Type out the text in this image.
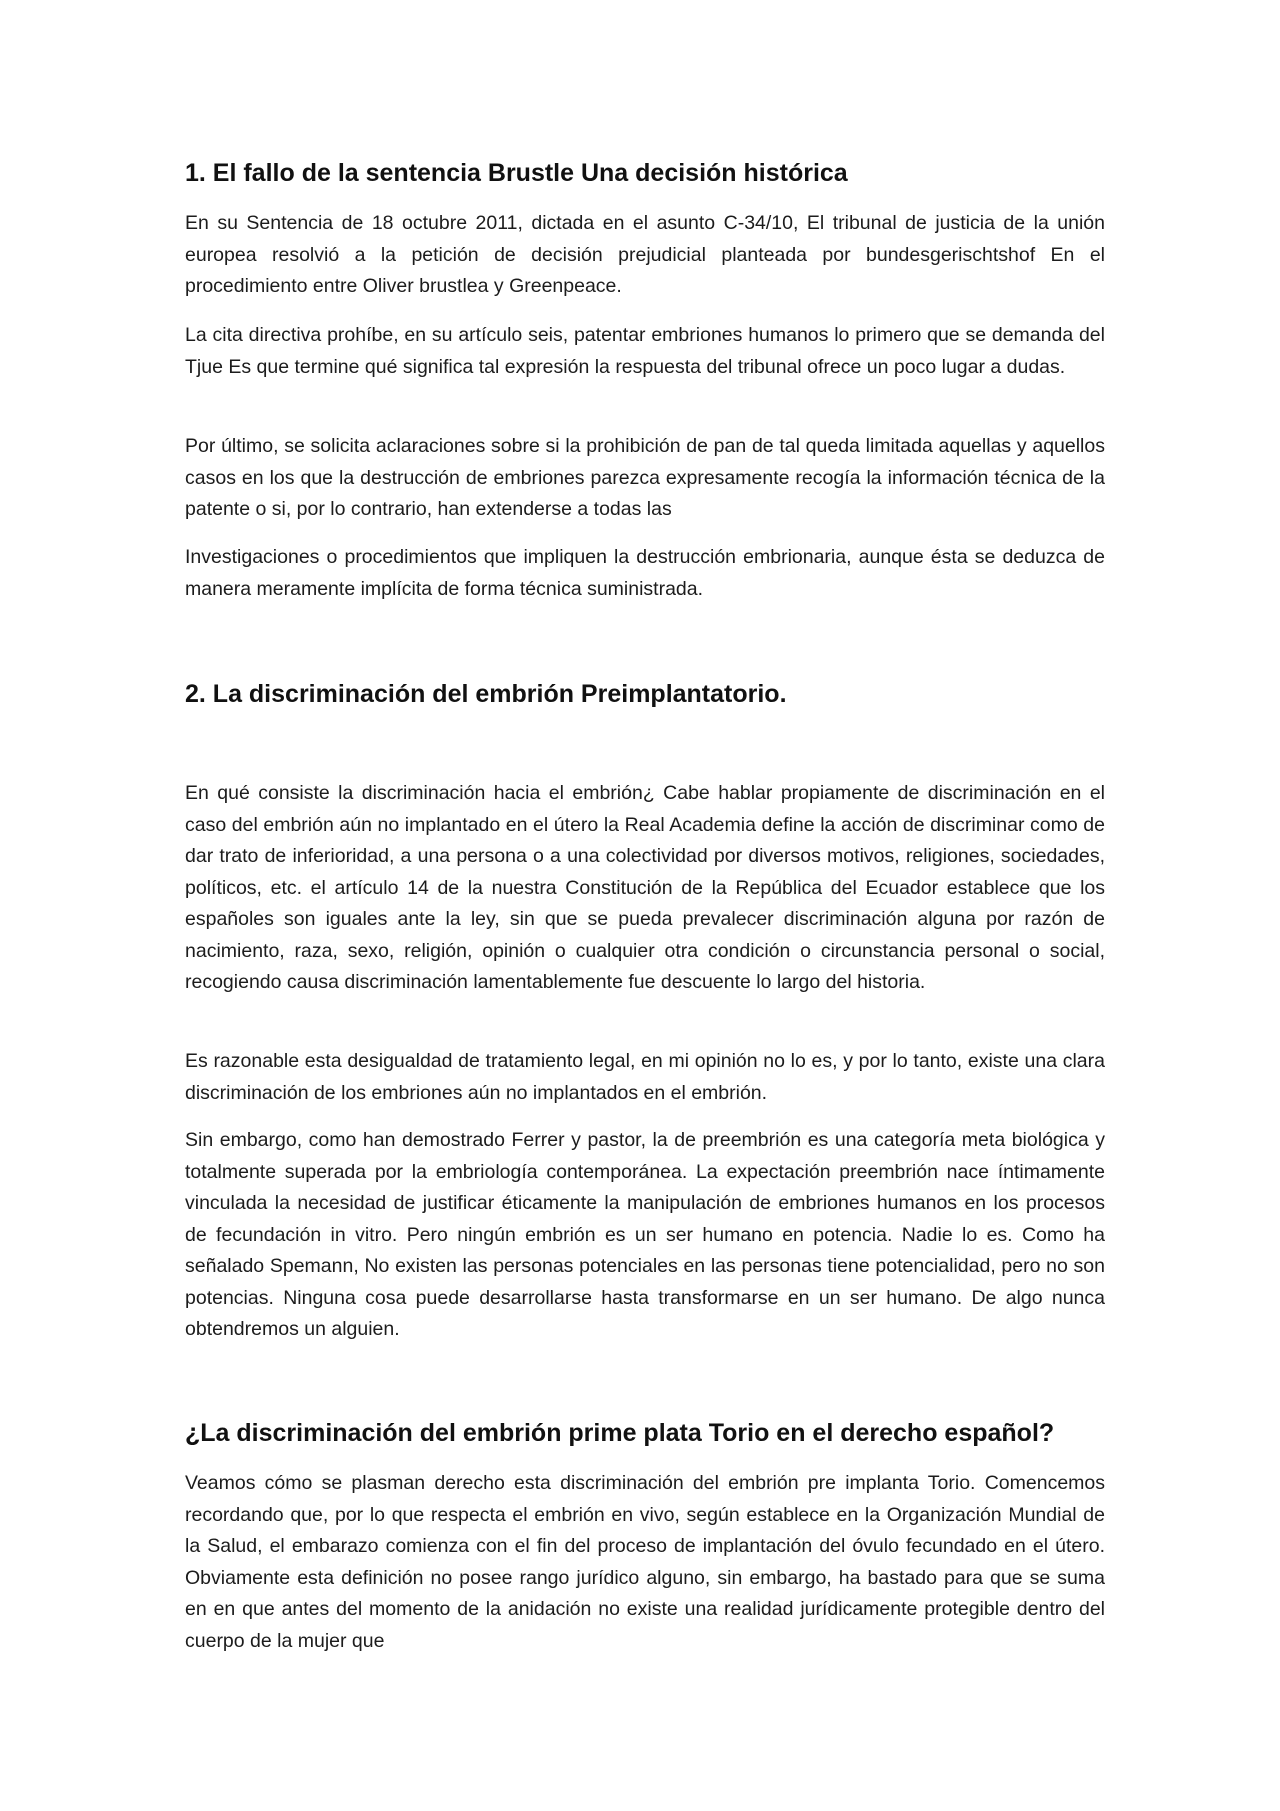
1. El fallo de la sentencia Brustle Una decisión histórica

En su Sentencia de 18 octubre 2011, dictada en el asunto C-34/10, El tribunal de justicia de la unión europea resolvió a la petición de decisión prejudicial planteada por bundesgerischtshof En el procedimiento entre Oliver brustlea y Greenpeace.

La cita directiva prohíbe, en su artículo seis, patentar embriones humanos lo primero que se demanda del Tjue Es que termine qué significa tal expresión la respuesta del tribunal ofrece un poco lugar a dudas.

Por último, se solicita aclaraciones sobre si la prohibición de pan de tal queda limitada aquellas y aquellos casos en los que la destrucción de embriones parezca expresamente recogía la información técnica de la patente o si, por lo contrario, han extenderse a todas las

Investigaciones o procedimientos que impliquen la destrucción embrionaria, aunque ésta se deduzca de manera meramente implícita de forma técnica suministrada.

2. La discriminación del embrión Preimplantatorio.

En qué consiste la discriminación hacia el embrión¿ Cabe hablar propiamente de discriminación en el caso del embrión aún no implantado en el útero la Real Academia define la acción de discriminar como de dar trato de inferioridad, a una persona o a una colectividad por diversos motivos, religiones, sociedades, políticos, etc. el artículo 14 de la nuestra Constitución de la República del Ecuador establece que los españoles son iguales ante la ley, sin que se pueda prevalecer discriminación alguna por razón de nacimiento, raza, sexo, religión, opinión o cualquier otra condición o circunstancia personal o social, recogiendo causa discriminación lamentablemente fue descuente lo largo del historia.

Es razonable esta desigualdad de tratamiento legal, en mi opinión no lo es, y por lo tanto, existe una clara discriminación de los embriones aún no implantados en el embrión.

Sin embargo, como han demostrado Ferrer y pastor, la de preembrión es una categoría meta biológica y totalmente superada por la embriología contemporánea. La expectación preembrión nace íntimamente vinculada la necesidad de justificar éticamente la manipulación de embriones humanos en los procesos de fecundación in vitro. Pero ningún embrión es un ser humano en potencia. Nadie lo es. Como ha señalado Spemann, No existen las personas potenciales en las personas tiene potencialidad, pero no son potencias. Ninguna cosa puede desarrollarse hasta transformarse en un ser humano. De algo nunca obtendremos un alguien.

¿La discriminación del embrión prime plata Torio en el derecho español?

Veamos cómo se plasman derecho esta discriminación del embrión pre implanta Torio. Comencemos recordando que, por lo que respecta el embrión en vivo, según establece en la Organización Mundial de la Salud, el embarazo comienza con el fin del proceso de implantación del óvulo fecundado en el útero. Obviamente esta definición no posee rango jurídico alguno, sin embargo, ha bastado para que se suma en en que antes del momento de la anidación no existe una realidad jurídicamente protegible dentro del cuerpo de la mujer que
